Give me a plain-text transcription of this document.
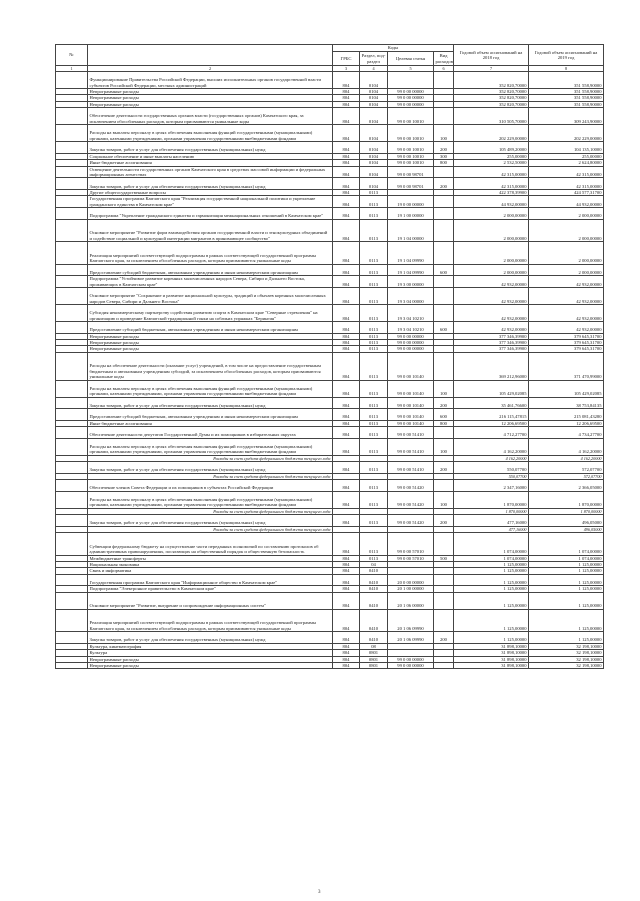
№		Коды				Годовой объем ассигнований на 2018 год	Годовой объем ассигнований на 2019 год
		ГРБС	Раздел, под-раздел	Целевая статья	Вид расходов		
1	2	3	4	5	6	7	8
	Функционирование Правительства Российской Федерации, высших исполнительных органов государственной власти субъектов Российской Федерации, местных администраций	804	0104			352 820,70000	351 558,90000
	Непрограммные расходы	804	0104	99 0 00 00000		352 820,70000	351 558,90000
	Непрограммные расходы	804	0104	99 0 00 00000		352 820,70000	351 558,90000
	Непрограммные расходы	804	0104	99 0 00 00000		352 820,70000	351 558,90000
	Обеспечение деятельности государственных органов власти (государственных органов) Камчатского края, за исключением обособленных расходов, которым присваиваются уникальные коды	804	0104	99 0 00 10010		310 505,70000	309 243,90000
	Расходы на выплаты персоналу в целях обеспечения выполнения функций государственными (муниципальными) органами, казенными учреждениями, органами управления государственными внебюджетными фондами	804	0104	99 0 00 10010	100	202 229,00000	202 229,00000
	Закупка товаров, работ и услуг для обеспечения государственных (муниципальных) нужд	804	0104	99 0 00 10010	200	105 489,20000	104 135,10000
	Социальное обеспечение и иные выплаты населению	804	0104	99 0 00 10010	300	255,00000	255,00000
	Иные бюджетные ассигнования	804	0104	99 0 00 10010	800	2 532,50000	2 624,80000
	Освещение деятельности государственных органов Камчатского края в средствах массовой информации и федеральных информационных агентствах	804	0104	99 0 00 98701		42 315,00000	42 315,00000
	Закупка товаров, работ и услуг для обеспечения государственных (муниципальных) нужд	804	0104	99 0 00 98701	200	42 315,00000	42 315,00000
	Другие общегосударственные вопросы	804	0113			422 378,39900	424 577,31700
	Государственная программа Камчатского края "Реализация государственной национальной политики и укрепление гражданского единства в Камчатском крае"	804	0113	19 0 00 00000		44 932,00000	44 932,00000
	Подпрограмма "Укрепление гражданского единства и гармонизация межнациональных отношений в Камчатском крае"	804	0113	19 1 00 00000		2 000,00000	2 000,00000
	Основное мероприятие "Развитие форм взаимодействия органов государственной власти и этнокультурных объединений и содействие социальной и культурной интеграции мигрантов в принимающее сообщество"	804	0113	19 1 04 00000		2 000,00000	2 000,00000
	Реализация мероприятий соответствующей подпрограммы в рамках соответствующей государственной программы Камчатского края, за исключением обособленных расходов, которым присваиваются уникальные коды	804	0113	19 1 04 09990		2 000,00000	2 000,00000
	Предоставление субсидий бюджетным, автономным учреждениям и иным некоммерческим организациям	804	0113	19 1 04 09990	600	2 000,00000	2 000,00000
	Подпрограмма "Устойчивое развитие коренных малочисленных народов Севера, Сибири и Дальнего Востока, проживающих в Камчатском крае"	804	0113	19 3 00 00000		42 932,00000	42 932,00000
	Основное мероприятие "Сохранение и развитие национальной культуры, традиций и обычаев коренных малочисленных народов Севера, Сибири и Дальнего Востока"	804	0113	19 3 04 00000		42 932,00000	42 932,00000
	Субсидия некоммерческому партнерству содействия развитию спорта в Камчатском крае "Северные стремления" на организацию и проведение Камчатской традиционной гонки на собачьих упряжках "Берингия"	804	0113	19 3 04 10210		42 932,00000	42 932,00000
	Предоставление субсидий бюджетным, автономным учреждениям и иным некоммерческим организациям	804	0113	19 3 04 10210	600	42 932,00000	42 932,00000
	Непрограммные расходы	804	0113	99 0 00 00000		377 346,39900	379 645,31700
	Непрограммные расходы	804	0113	99 0 00 00000		377 346,39900	379 645,31700
	Непрограммные расходы	804	0113	99 0 00 00000		377 346,39900	379 645,31700
	Расходы на обеспечение деятельности (оказание услуг) учреждений, в том числе на предоставление государственным бюджетным и автономным учреждениям субсидий, за исключением обособленных расходов, которым присваиваются уникальные коды	804	0113	99 0 00 10140		369 212,96000	371 470,99000
	Расходы на выплаты персоналу в целях обеспечения выполнения функций государственными (муниципальными) органами, казенными учреждениями, органами управления государственными внебюджетными фондами	804	0113	99 0 00 10140	100	105 429,02085	105 429,02085
	Закупка товаров, работ и услуг для обеспечения государственных (муниципальных) нужд	804	0113	99 0 00 10140	200	35 461,76600	38 753,84135
	Предоставление субсидий бюджетным, автономным учреждениям и иным некоммерческим организациям	804	0113	99 0 00 10140	600	216 115,47815	215 081,43280
	Иные бюджетные ассигнования	804	0113	99 0 00 10140	800	12 206,69500	12 206,69500
	Обеспечение деятельности депутатов Государственной Думы и их помощников в избирательных округах	804	0113	99 0 00 51410		4 712,27700	4 734,27700
	Расходы на выплаты персоналу в целях обеспечения выполнения функций государственными (муниципальными) органами, казенными учреждениями, органами управления государственными внебюджетными фондами	804	0113	99 0 00 51410	100	4 162,20000	4 162,20000
	Расходы за счет средств федерального бюджета текущего года					4 162,20000	4 162,20000
	Закупка товаров, работ и услуг для обеспечения государственных (муниципальных) нужд	804	0113	99 0 00 51410	200	550,07700	572,07700
	Расходы за счет средств федерального бюджета текущего года					550,07700	572,07700
	Обеспечение членов Совета Федерации и их помощников в субъектах Российской Федерации	804	0113	99 0 00 51420		2 347,16000	2 366,05000
	Расходы на выплаты персоналу в целях обеспечения выполнения функций государственными (муниципальными) органами, казенными учреждениями, органами управления государственными внебюджетными фондами	804	0113	99 0 00 51420	100	1 870,00000	1 870,00000
	Расходы за счет средств федерального бюджета текущего года					1 870,00000	1 870,00000
	Закупка товаров, работ и услуг для обеспечения государственных (муниципальных) нужд	804	0113	99 0 00 51420	200	477,16000	496,05000
	Расходы за счет средств федерального бюджета текущего года					477,16000	496,05000
	Субвенции федеральному бюджету на осуществление части переданных полномочий по составлению протоколов об административных правонарушениях, посягающих на общественный порядок и общественную безопасность	804	0113	99 0 00 57010		1 074,00000	1 074,00000
	Межбюджетные трансферты	804	0113	99 0 00 57010	500	1 074,00000	1 074,00000
	Национальная экономика	804	04			1 125,00000	1 125,00000
	Связь и информатика	804	0410			1 125,00000	1 125,00000
	Государственная программа Камчатского края "Информационное общество в Камчатском крае"	804	0410	20 0 00 00000		1 125,00000	1 125,00000
	Подпрограмма "Электронное правительство в Камчатском крае"	804	0410	20 1 00 00000		1 125,00000	1 125,00000
	Основное мероприятие "Развитие, внедрение и сопровождение информационных систем"	804	0410	20 1 06 00000		1 125,00000	1 125,00000
	Реализация мероприятий соответствующей подпрограммы в рамках соответствующей государственной программы Камчатского края, за исключением обособленных расходов, которым присваиваются уникальные коды	804	0410	20 1 06 09990		1 125,00000	1 125,00000
	Закупка товаров, работ и услуг для обеспечения государственных (муниципальных) нужд	804	0410	20 1 06 09990	200	1 125,00000	1 125,00000
	Культура, кинематография	804	08			31 898,10000	32 198,10000
	Культура	804	0801			31 898,10000	32 198,10000
	Непрограммные расходы	804	0801	99 0 00 00000		31 898,10000	32 198,10000
	Непрограммные расходы	804	0801	99 0 00 00000		31 898,10000	32 198,10000
3
